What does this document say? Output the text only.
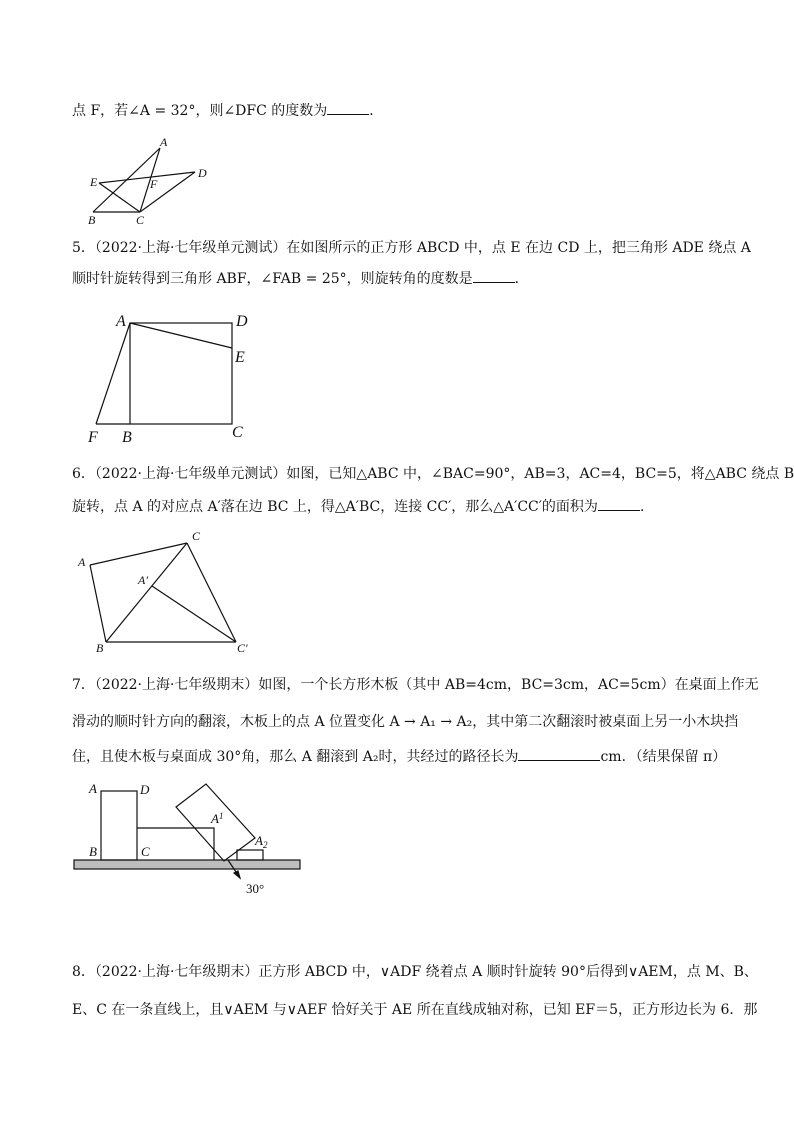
点 F，若∠A = 32°，则∠DFC 的度数为	．
5．（2022·上海·七年级单元测试）在如图所示的正方形 ABCD 中，点 E 在边 CD 上，把三角形 ADE 绕点 A
顺时针旋转得到三角形 ABF，∠FAB = 25°，则旋转角的度数是	．
6．（2022·上海·七年级单元测试）如图，已知△ABC 中，∠BAC=90°，AB=3，AC=4，BC=5，将△ABC 绕点 B
旋转，点 A 的对应点 A′落在边 BC 上，得△A′BC，连接 CC′，那么△A′CC′的面积为	．
7．（2022·上海·七年级期末）如图，一个长方形木板（其中 AB=4cm，BC=3cm，AC=5cm）在桌面上作无
滑动的顺时针方向的翻滚，木板上的点 A 位置变化 A → A₁ → A₂，其中第二次翻滚时被桌面上另一小木块挡
住，且使木板与桌面成 30°角，那么 A 翻滚到 A₂时，共经过的路径长为	cm．（结果保留 π）
8．（2022·上海·七年级期末）正方形 ABCD 中，∨ADF 绕着点 A 顺时针旋转 90°后得到∨AEM，点 M、B、
E、C 在一条直线上，且∨AEM 与∨AEF 恰好关于 AE 所在直线成轴对称，已知 EF＝5，正方形边长为 6．那
A
B	C
D
E	F
A	D
E
F B	C
A
A′
B
C
C′
A	D
B	C
$A^1$
$A_2$
30°
